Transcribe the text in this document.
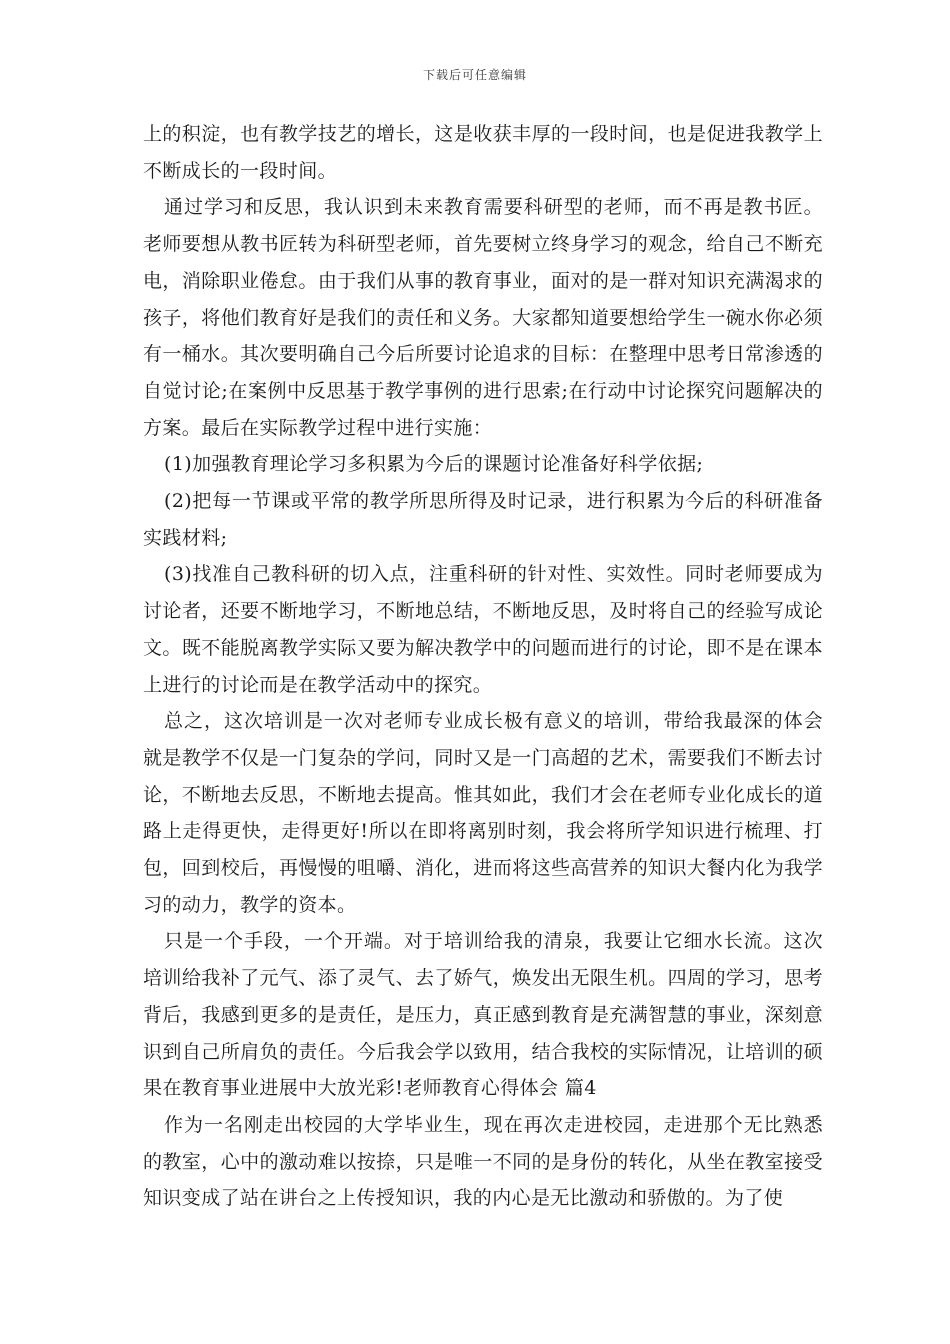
下载后可任意编辑

上的积淀，也有教学技艺的增长，这是收获丰厚的一段时间，也是促进我教学上不断成长的一段时间。

通过学习和反思，我认识到未来教育需要科研型的老师，而不再是教书匠。老师要想从教书匠转为科研型老师，首先要树立终身学习的观念，给自己不断充电，消除职业倦怠。由于我们从事的教育事业，面对的是一群对知识充满渴求的孩子，将他们教育好是我们的责任和义务。大家都知道要想给学生一碗水你必须有一桶水。其次要明确自己今后所要讨论追求的目标：在整理中思考日常渗透的自觉讨论;在案例中反思基于教学事例的进行思索;在行动中讨论探究问题解决的方案。最后在实际教学过程中进行实施：

(1)加强教育理论学习多积累为今后的课题讨论准备好科学依据;

(2)把每一节课或平常的教学所思所得及时记录，进行积累为今后的科研准备实践材料;

(3)找准自己教科研的切入点，注重科研的针对性、实效性。同时老师要成为讨论者，还要不断地学习，不断地总结，不断地反思，及时将自己的经验写成论文。既不能脱离教学实际又要为解决教学中的问题而进行的讨论，即不是在课本上进行的讨论而是在教学活动中的探究。

总之，这次培训是一次对老师专业成长极有意义的培训，带给我最深的体会就是教学不仅是一门复杂的学问，同时又是一门高超的艺术，需要我们不断去讨论，不断地去反思，不断地去提高。惟其如此，我们才会在老师专业化成长的道路上走得更快，走得更好!所以在即将离别时刻，我会将所学知识进行梳理、打包，回到校后，再慢慢的咀嚼、消化，进而将这些高营养的知识大餐内化为我学习的动力，教学的资本。

只是一个手段，一个开端。对于培训给我的清泉，我要让它细水长流。这次培训给我补了元气、添了灵气、去了娇气，焕发出无限生机。四周的学习，思考背后，我感到更多的是责任，是压力，真正感到教育是充满智慧的事业，深刻意识到自己所肩负的责任。今后我会学以致用，结合我校的实际情况，让培训的硕果在教育事业进展中大放光彩!老师教育心得体会 篇4

作为一名刚走出校园的大学毕业生，现在再次走进校园，走进那个无比熟悉的教室，心中的激动难以按捺，只是唯一不同的是身份的转化，从坐在教室接受知识变成了站在讲台之上传授知识，我的内心是无比激动和骄傲的。为了使
